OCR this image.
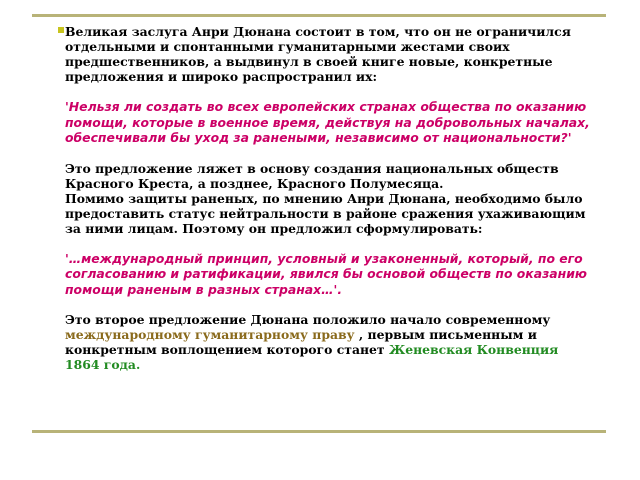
Великая заслуга Анри Дюнана состоит в том, что он не ограничился отдельными и спонтанными гуманитарными жестами своих предшественников, а выдвинул в своей книге новые, конкретные предложения и широко распространил их:

'Нельзя ли создать во всех европейских странах общества по оказанию помощи, которые в военное время, действуя на добровольных началах, обеспечивали бы уход за ранеными, независимо от национальности?'

Это предложение ляжет в основу создания национальных обществ Красного Креста, а позднее, Красного Полумесяца.

Помимо защиты раненых, по мнению Анри Дюнана, необходимо было предоставить статус нейтральности в районе сражения ухаживающим за ними лицам. Поэтому он предложил сформулировать:

'…международный принцип, условный и узаконенный, который, по его согласованию и ратификации, явился бы основой обществ по оказанию помощи раненым в разных странах…'.

Это второе предложение Дюнана положило начало современному международному гуманитарному праву , первым письменным и конкретным воплощением которого станет Женевская Конвенция 1864 года.
